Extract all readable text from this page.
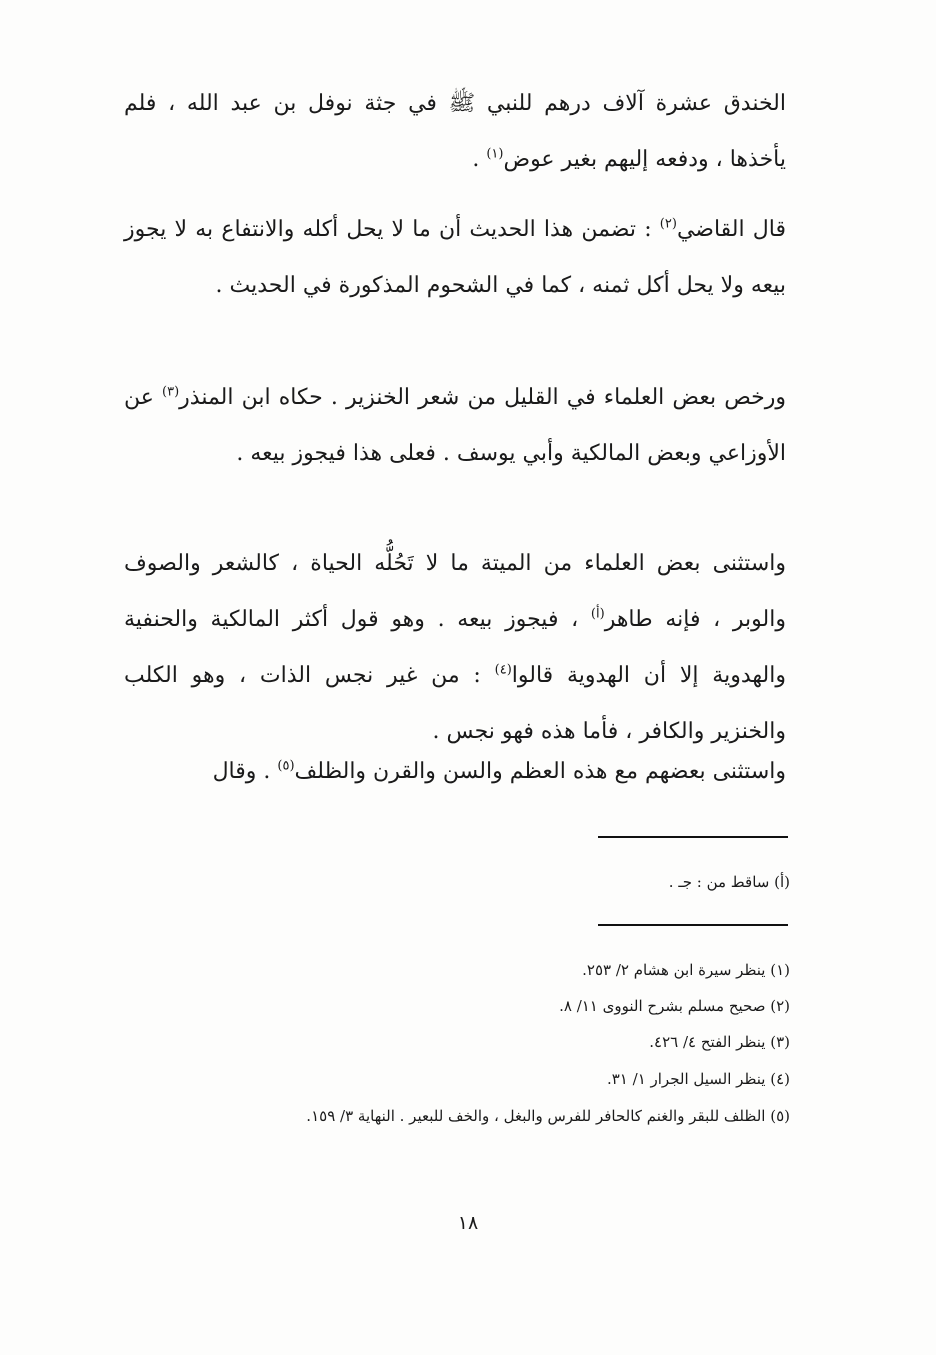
الخندق عشرة آلاف درهم للنبي ﷺ في جثة نوفل بن عبد الله ، فلم يأخذها ، ودفعه إليهم بغير عوض$^{(١)}$ .

قال القاضي$^{(٢)}$ : تضمن هذا الحديث أن ما لا يحل أكله والانتفاع به لا يجوز بيعه ولا يحل أكل ثمنه ، كما في الشحوم المذكورة في الحديث .

ورخص بعض العلماء في القليل من شعر الخنزير . حكاه ابن المنذر$^{(٣)}$ عن الأوزاعي وبعض المالكية وأبي يوسف . فعلى هذا فيجوز بيعه .

واستثنى بعض العلماء من الميتة ما لا تَحُلُّه الحياة ، كالشعر والصوف والوبر ، فإنه طاهر$^{(أ)}$ ، فيجوز بيعه . وهو قول أكثر المالكية والحنفية والهدوية إلا أن الهدوية قالوا$^{(٤)}$ : من غير نجس الذات ، وهو الكلب والخنزير والكافر ، فأما هذه فهو نجس .

واستثنى بعضهم مع هذه العظم والسن والقرن والظلف$^{(٥)}$ . وقال

(أ) ساقط من : جـ .

(١) ينظر سيرة ابن هشام ٢/ ٢٥٣.

(٢) صحيح مسلم بشرح النووى ١١/ ٨.

(٣) ينظر الفتح ٤/ ٤٢٦.

(٤) ينظر السيل الجرار ١/ ٣١.

(٥) الظلف للبقر والغنم كالحافر للفرس والبغل ، والخف للبعير . النهاية ٣/ ١٥٩.

١٨
